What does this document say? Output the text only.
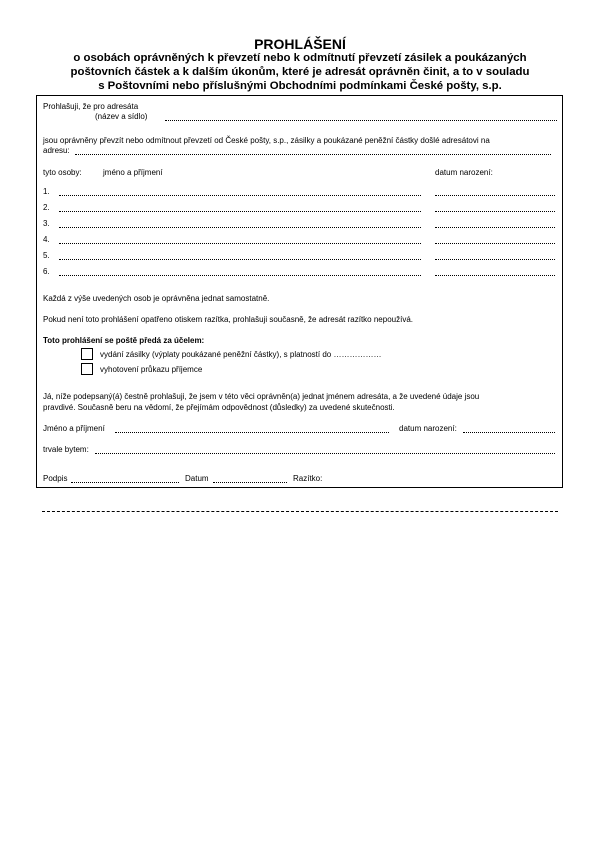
PROHLÁŠENÍ
o osobách oprávněných k převzetí nebo k odmítnutí převzetí zásilek a poukázaných
poštovních částek a k dalším úkonům, které je adresát oprávněn činit, a to v souladu
s Poštovními nebo příslušnými Obchodními podmínkami České pošty, s.p.
Prohlašuji, že pro adresáta
(název a sídlo)
jsou oprávněny převzít nebo odmítnout převzetí od České pošty, s.p., zásilky a poukázané peněžní částky došlé adresátovi na
adresu:
tyto osoby:	jméno a příjmení	datum narození:
1.
2.
3.
4.
5.
6.
Každá z výše uvedených osob je oprávněna jednat samostatně.
Pokud není toto prohlášení opatřeno otiskem razítka, prohlašuji současně, že adresát razítko nepoužívá.
Toto prohlášení se poště předá za účelem:
vydání zásilky (výplaty poukázané peněžní částky), s platností do ………………
vyhotovení průkazu příjemce
Já, níže podepsaný(á) čestně prohlašuji, že jsem v této věci oprávněn(a) jednat jménem adresáta, a že uvedené údaje jsou
pravdivé. Současně beru na vědomí, že přejímám odpovědnost (důsledky) za uvedené skutečnosti.
Jméno a příjmení	datum narození:
trvale bytem:
Podpis	Datum	Razítko:
